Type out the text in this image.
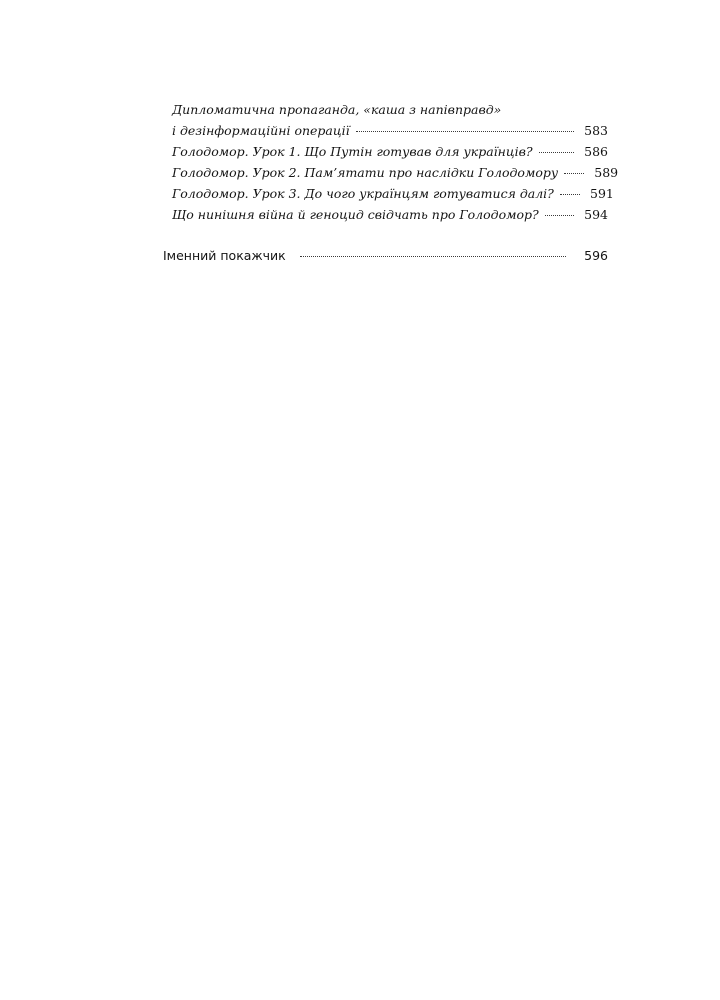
Дипломатична пропаганда, «каша з напівправд»
і дезінформаційні операції	583
Голодомор. Урок 1. Що Путін готував для українців?	586
Голодомор. Урок 2. Пам’ятати про наслідки Голодомору	589
Голодомор. Урок 3. До чого українцям готуватися далі?	591
Що нинішня війна й геноцид свідчать про Голодомор?	594
Іменний покажчик	596
